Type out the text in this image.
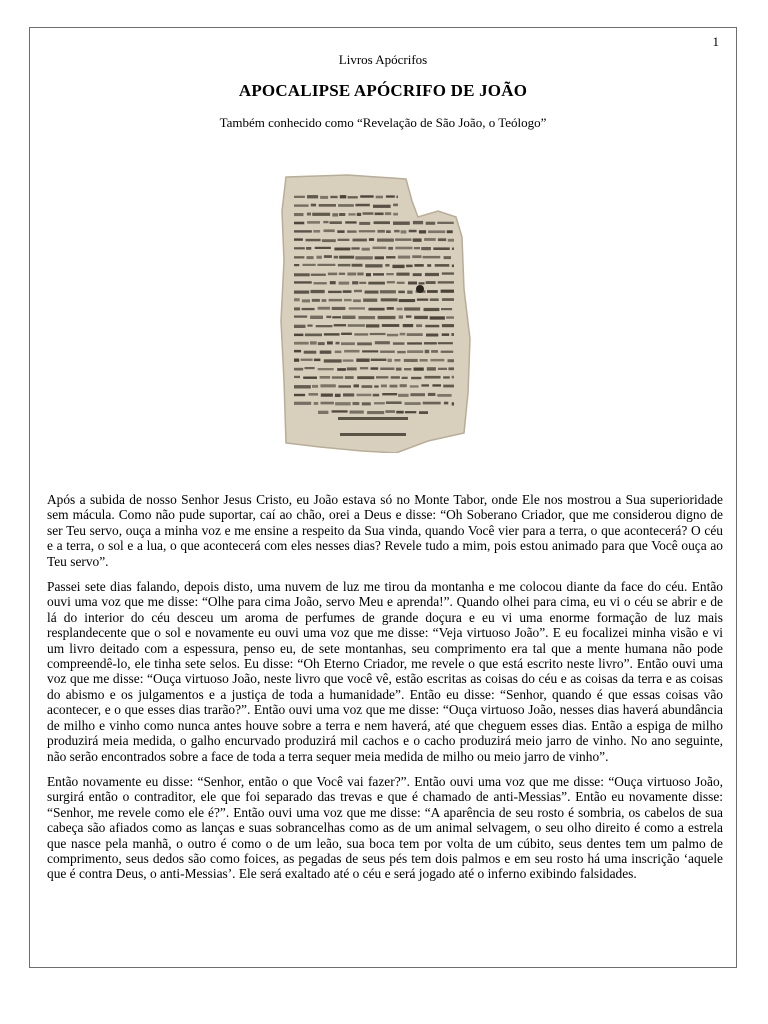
1
Livros Apócrifos
APOCALIPSE APÓCRIFO DE JOÃO
Também conhecido como “Revelação de São João, o Teólogo”

Após a subida de nosso Senhor Jesus Cristo, eu João estava só no Monte Tabor, onde Ele nos mostrou a Sua superioridade sem mácula. Como não pude suportar, caí ao chão, orei a Deus e disse: “Oh Soberano Criador, que me considerou digno de ser Teu servo, ouça a minha voz e me ensine a respeito da Sua vinda, quando Você vier para a terra, o que acontecerá? O céu e a terra, o sol e a lua, o que acontecerá com eles nesses dias? Revele tudo a mim, pois estou animado para que Você ouça ao Teu servo”.

Passei sete dias falando, depois disto, uma nuvem de luz me tirou da montanha e me colocou diante da face do céu. Então ouvi uma voz que me disse: “Olhe para cima João, servo Meu e aprenda!”. Quando olhei para cima, eu vi o céu se abrir e de lá do interior do céu desceu um aroma de perfumes de grande doçura e eu vi uma enorme formação de luz mais resplandecente que o sol e novamente eu ouvi uma voz que me disse: “Veja virtuoso João”. E eu focalizei minha visão e vi um livro deitado com a espessura, penso eu, de sete montanhas, seu comprimento era tal que a mente humana não pode compreendê-lo, ele tinha sete selos. Eu disse: “Oh Eterno Criador, me revele o que está escrito neste livro”. Então ouvi uma voz que me disse: “Ouça virtuoso João, neste livro que você vê, estão escritas as coisas do céu e as coisas da terra e as coisas do abismo e os julgamentos e a justiça de toda a humanidade”. Então eu disse: “Senhor, quando é que essas coisas vão acontecer, e o que esses dias trarão?”. Então ouvi uma voz que me disse: “Ouça virtuoso João, nesses dias haverá abundância de milho e vinho como nunca antes houve sobre a terra e nem haverá, até que cheguem esses dias. Então a espiga de milho produzirá meia medida, o galho encurvado produzirá mil cachos e o cacho produzirá meio jarro de vinho. No ano seguinte, não serão encontrados sobre a face de toda a terra sequer meia medida de milho ou meio jarro de vinho”.

Então novamente eu disse: “Senhor, então o que Você vai fazer?”. Então ouvi uma voz que me disse: “Ouça virtuoso João, surgirá então o contraditor, ele que foi separado das trevas e que é chamado de anti-Messias”. Então eu novamente disse: “Senhor, me revele como ele é?”. Então ouvi uma voz que me disse: “A aparência de seu rosto é sombria, os cabelos de sua cabeça são afiados como as lanças e suas sobrancelhas como as de um animal selvagem, o seu olho direito é como a estrela que nasce pela manhã, o outro é como o de um leão, sua boca tem por volta de um cúbito, seus dentes tem um palmo de comprimento, seus dedos são como foices, as pegadas de seus pés tem dois palmos e em seu rosto há uma inscrição ‘aquele que é contra Deus, o anti-Messias’. Ele será exaltado até o céu e será jogado até o inferno exibindo falsidades.
